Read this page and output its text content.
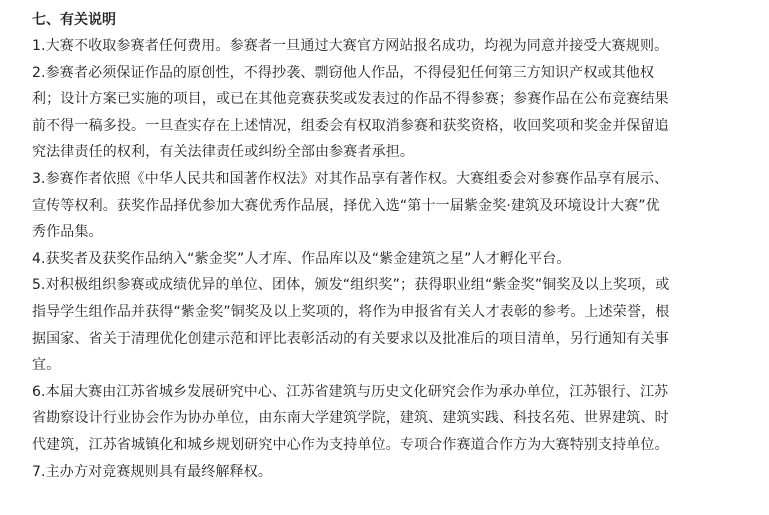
七、有关说明

1.大赛不收取参赛者任何费用。参赛者一旦通过大赛官方网站报名成功，均视为同意并接受大赛规则。

2.参赛者必须保证作品的原创性，不得抄袭、剽窃他人作品，不得侵犯任何第三方知识产权或其他权
利；设计方案已实施的项目，或已在其他竞赛获奖或发表过的作品不得参赛；参赛作品在公布竞赛结果
前不得一稿多投。一旦查实存在上述情况，组委会有权取消参赛和获奖资格，收回奖项和奖金并保留追
究法律责任的权利，有关法律责任或纠纷全部由参赛者承担。

3.参赛作者依照《中华人民共和国著作权法》对其作品享有著作权。大赛组委会对参赛作品享有展示、
宣传等权利。获奖作品择优参加大赛优秀作品展，择优入选“第十一届紫金奖·建筑及环境设计大赛”优
秀作品集。

4.获奖者及获奖作品纳入“紫金奖”人才库、作品库以及“紫金建筑之星”人才孵化平台。

5.对积极组织参赛或成绩优异的单位、团体，颁发“组织奖”；获得职业组“紫金奖”铜奖及以上奖项，或
指导学生组作品并获得“紫金奖”铜奖及以上奖项的，将作为申报省有关人才表彰的参考。上述荣誉，根
据国家、省关于清理优化创建示范和评比表彰活动的有关要求以及批准后的项目清单，另行通知有关事
宜。

6.本届大赛由江苏省城乡发展研究中心、江苏省建筑与历史文化研究会作为承办单位，江苏银行、江苏
省勘察设计行业协会作为协办单位，由东南大学建筑学院，建筑、建筑实践、科技名苑、世界建筑、时
代建筑，江苏省城镇化和城乡规划研究中心作为支持单位。专项合作赛道合作方为大赛特别支持单位。

7.主办方对竞赛规则具有最终解释权。
